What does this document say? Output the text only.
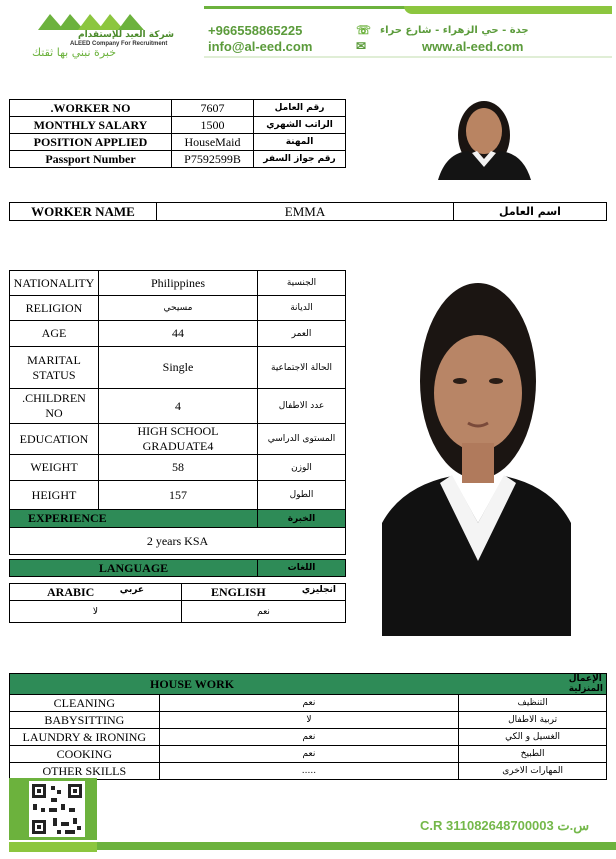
شركة العيد للإستقدام
ALEED Company For Recruitment
خبرة نبني بها ثقتك
+966558865225	☏ جدة - حي الزهراء - شارع حراء
info@al-eed.com	✉	www.al-eed.com
.WORKER NO	7607	رقم العامل
MONTHLY SALARY	1500	الراتب الشهري
POSITION APPLIED	HouseMaid	المهنة
Passport Number	P7592599B	رقم جواز السفر
WORKER NAME	EMMA	اسم العامل
NATIONALITY	Philippines	الجنسية
RELIGION	مسيحي	الديانة
AGE	44	العمر
MARITAL STATUS	Single	الحالة الاجتماعية
.CHILDREN NO	4	عدد الاطفال
EDUCATION	HIGH SCHOOL GRADUATE4	المستوى الدراسي
WEIGHT	58	الوزن
HEIGHT	157	الطول
EXPERIENCE		الخبرة
2 years KSA		

LANGUAGE		اللغات
ARABIC عربي	ENGLISH انجليزي

لا	نعم
HOUSE WORK		الإعمال المنزلية
CLEANING	نعم	التنظيف
BABYSITTING	لا	تربية الاطفال
LAUNDRY & IRONING	نعم	الغسيل و الكي
COOKING	نعم	الطبيخ
OTHER SKILLS	.....	المهارات الاخرى
C.R 311082648700003 س.ت
